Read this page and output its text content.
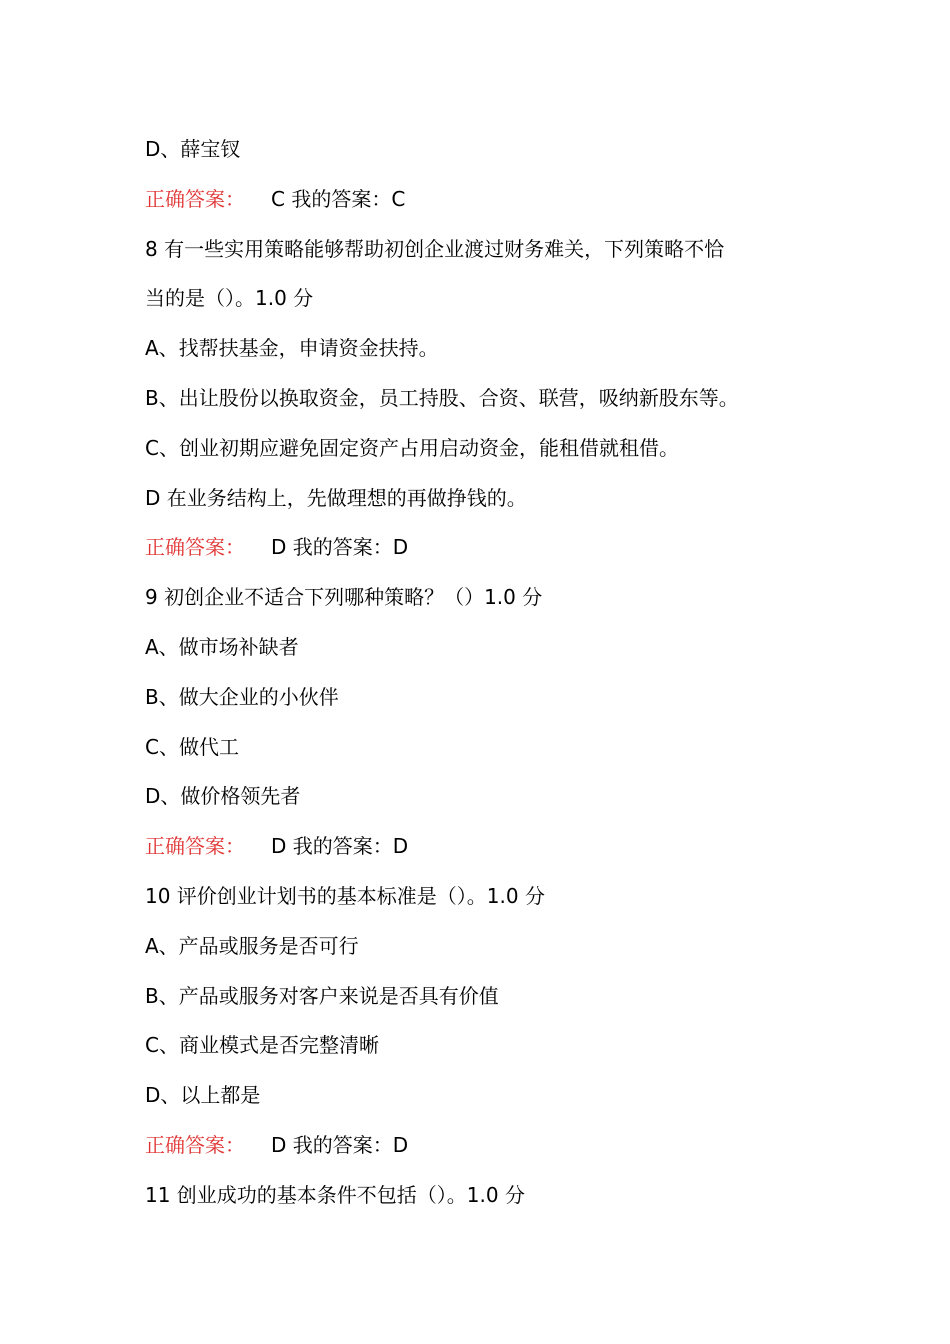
D、薛宝钗
正确答案： C 我的答案：C
8 有一些实用策略能够帮助初创企业渡过财务难关，下列策略不恰
当的是（）。1.0 分
A、找帮扶基金，申请资金扶持。
B、出让股份以换取资金，员工持股、合资、联营，吸纳新股东等。
C、创业初期应避免固定资产占用启动资金，能租借就租借。
D 在业务结构上，先做理想的再做挣钱的。
正确答案： D 我的答案：D
9 初创企业不适合下列哪种策略？（）1.0 分
A、做市场补缺者
B、做大企业的小伙伴
C、做代工
D、做价格领先者
正确答案： D 我的答案：D
10 评价创业计划书的基本标准是（）。1.0 分
A、产品或服务是否可行
B、产品或服务对客户来说是否具有价值
C、商业模式是否完整清晰
D、以上都是
正确答案： D 我的答案：D
11 创业成功的基本条件不包括（）。1.0 分
